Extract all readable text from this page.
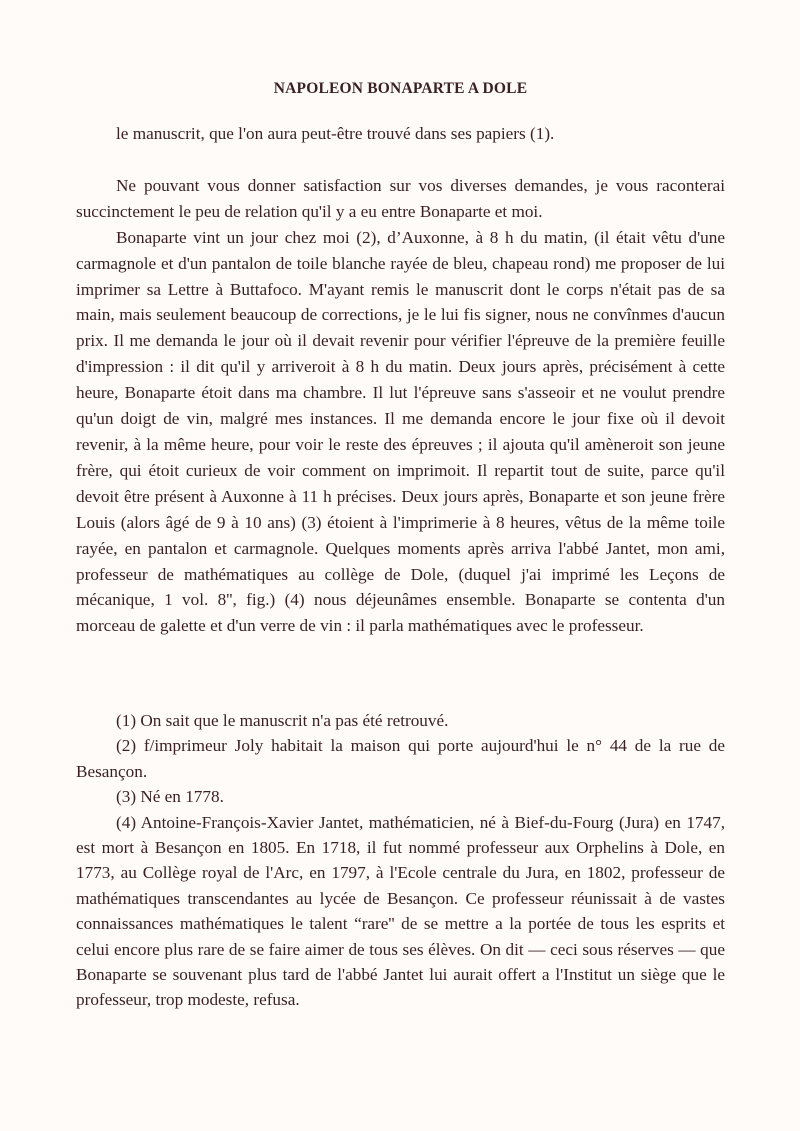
NAPOLEON BONAPARTE A DOLE

le manuscrit, que l'on aura peut-être trouvé dans ses papiers (1).

Ne pouvant vous donner satisfaction sur vos diverses demandes, je vous raconterai succinctement le peu de relation qu'il y a eu entre Bonaparte et moi.

Bonaparte vint un jour chez moi (2), d’Auxonne, à 8 h du matin, (il était vêtu d'une carmagnole et d'un pantalon de toile blanche rayée de bleu, chapeau rond) me proposer de lui imprimer sa Lettre à Buttafoco. M'ayant remis le manuscrit dont le corps n'était pas de sa main, mais seulement beaucoup de corrections, je le lui fis signer, nous ne convînmes d'aucun prix. Il me demanda le jour où il devait revenir pour vérifier l'épreuve de la première feuille d'impression : il dit qu'il y arriveroit à 8 h du matin. Deux jours après, précisément à cette heure, Bonaparte étoit dans ma chambre. Il lut l'épreuve sans s'asseoir et ne voulut prendre qu'un doigt de vin, malgré mes instances. Il me demanda encore le jour fixe où il devoit revenir, à la même heure, pour voir le reste des épreuves ; il ajouta qu'il amèneroit son jeune frère, qui étoit curieux de voir comment on imprimoit. Il repartit tout de suite, parce qu'il devoit être présent à Auxonne à 11 h précises. Deux jours après, Bonaparte et son jeune frère Louis (alors âgé de 9 à 10 ans) (3) étoient à l'imprimerie à 8 heures, vêtus de la même toile rayée, en pantalon et carmagnole. Quelques moments après arriva l'abbé Jantet, mon ami, professeur de mathématiques au collège de Dole, (duquel j'ai imprimé les Leçons de mécanique, 1 vol. 8'', fig.) (4) nous déjeunâmes ensemble. Bonaparte se contenta d'un morceau de galette et d'un verre de vin : il parla mathématiques avec le professeur.

(1) On sait que le manuscrit n'a pas été retrouvé.

(2) f/imprimeur Joly habitait la maison qui porte aujourd'hui le n° 44 de la rue de Besançon.

(3) Né en 1778.

(4) Antoine-François-Xavier Jantet, mathématicien, né à Bief-du-Fourg (Jura) en 1747, est mort à Besançon en 1805. En 1718, il fut nommé professeur aux Orphelins à Dole, en 1773, au Collège royal de l'Arc, en 1797, à l'Ecole centrale du Jura, en 1802, professeur de mathématiques transcendantes au lycée de Besançon. Ce professeur réunissait à de vastes connaissances mathématiques le talent “rare'' de se mettre a la portée de tous les esprits et celui encore plus rare de se faire aimer de tous ses élèves. On dit — ceci sous réserves — que Bonaparte se souvenant plus tard de l'abbé Jantet lui aurait offert a l'Institut un siège que le professeur, trop modeste, refusa.
